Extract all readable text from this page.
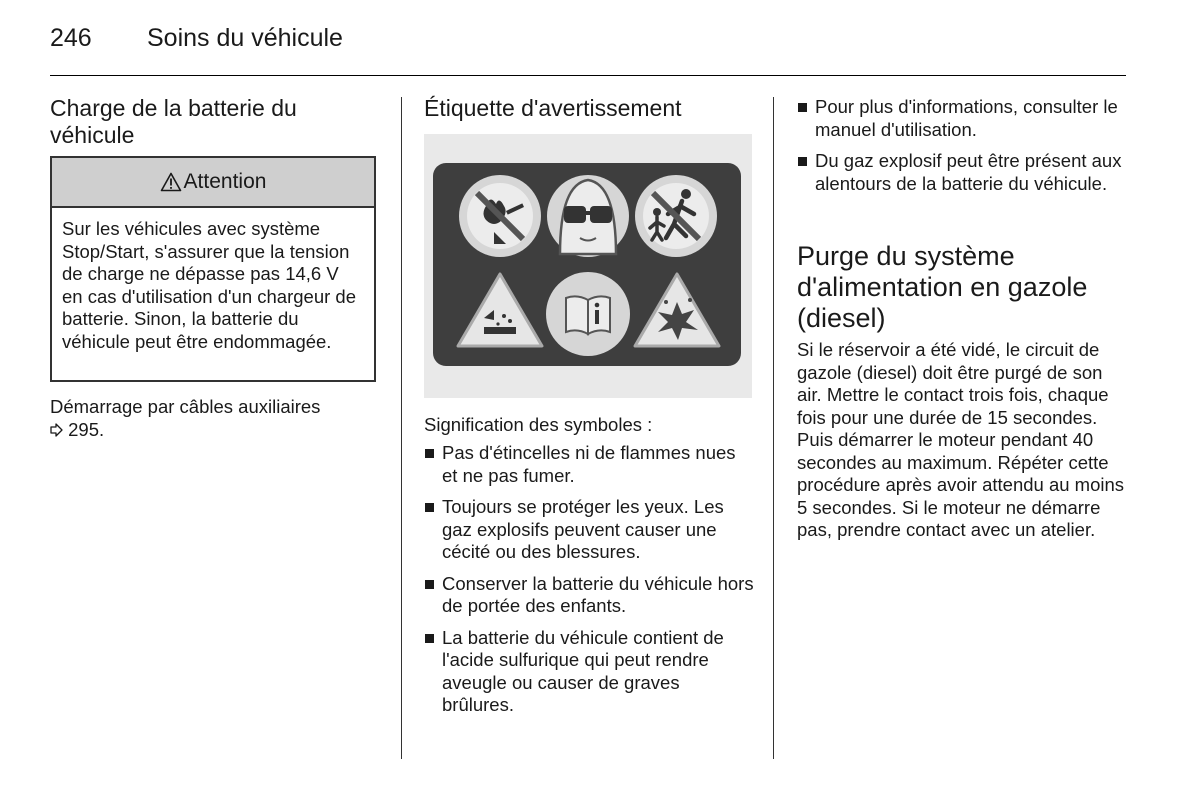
246 Soins du véhicule
Charge de la batterie du véhicule
Attention
Sur les véhicules avec système Stop/Start, s'assurer que la tension de charge ne dépasse pas 14,6 V en cas d'utilisation d'un chargeur de batterie. Sinon, la batterie du véhicule peut être endommagée.
Démarrage par câbles auxiliaires
295.
Étiquette d'avertissement
Signification des symboles :
Pas d'étincelles ni de flammes nues et ne pas fumer.
Toujours se protéger les yeux. Les gaz explosifs peuvent causer une cécité ou des blessures.
Conserver la batterie du véhicule hors de portée des enfants.
La batterie du véhicule contient de l'acide sulfurique qui peut rendre aveugle ou causer de graves brûlures.
Pour plus d'informations, consulter le manuel d'utilisation.
Du gaz explosif peut être présent aux alentours de la batterie du véhicule.
Purge du système d'alimentation en gazole (diesel)
Si le réservoir a été vidé, le circuit de gazole (diesel) doit être purgé de son air. Mettre le contact trois fois, chaque fois pour une durée de 15 secondes. Puis démarrer le moteur pendant 40 secondes au maximum. Répéter cette procédure après avoir attendu au moins 5 secondes. Si le moteur ne démarre pas, prendre contact avec un atelier.
